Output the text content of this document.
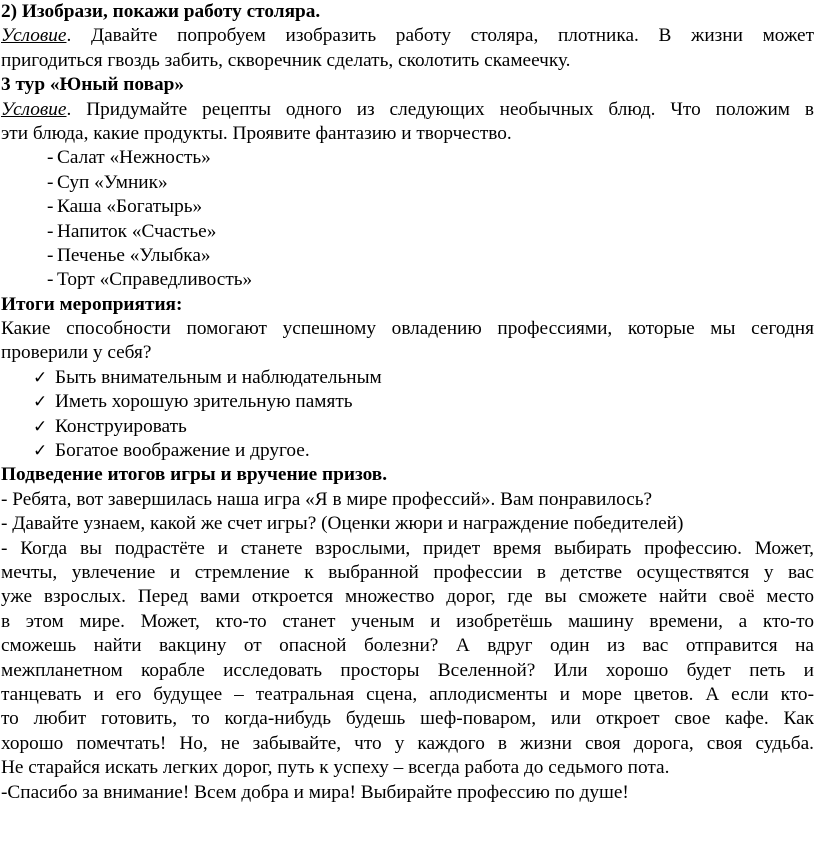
2) Изобрази, покажи работу столяра.
Условие. Давайте попробуем изобразить работу столяра, плотника. В жизни может
пригодиться гвоздь забить, скворечник сделать, сколотить скамеечку.
3 тур «Юный повар»
Условие. Придумайте рецепты одного из следующих необычных блюд. Что положим в
эти блюда, какие продукты. Проявите фантазию и творчество.
- Салат «Нежность»
- Суп «Умник»
- Каша «Богатырь»
- Напиток «Счастье»
- Печенье «Улыбка»
- Торт «Справедливость»
Итоги мероприятия:
Какие способности помогают успешному овладению профессиями, которые мы сегодня
проверили у себя?
✓ Быть внимательным и наблюдательным
✓ Иметь хорошую зрительную память
✓ Конструировать
✓ Богатое воображение и другое.
Подведение итогов игры и вручение призов.
- Ребята, вот завершилась наша игра «Я в мире профессий». Вам понравилось?
- Давайте узнаем, какой же счет игры? (Оценки жюри и награждение победителей)
- Когда вы подрастёте и станете взрослыми, придет время выбирать профессию. Может,
мечты, увлечение и стремление к выбранной профессии в детстве осуществятся у вас
уже взрослых. Перед вами откроется множество дорог, где вы сможете найти своё место
в этом мире. Может, кто-то станет ученым и изобретёшь машину времени, а кто-то
сможешь найти вакцину от опасной болезни? А вдруг один из вас отправится на
межпланетном корабле исследовать просторы Вселенной? Или хорошо будет петь и
танцевать и его будущее – театральная сцена, аплодисменты и море цветов. А если кто-
то любит готовить, то когда-нибудь будешь шеф-поваром, или откроет свое кафе. Как
хорошо помечтать! Но, не забывайте, что у каждого в жизни своя дорога, своя судьба.
Не старайся искать легких дорог, путь к успеху – всегда работа до седьмого пота.
-Спасибо за внимание! Всем добра и мира! Выбирайте профессию по душе!
